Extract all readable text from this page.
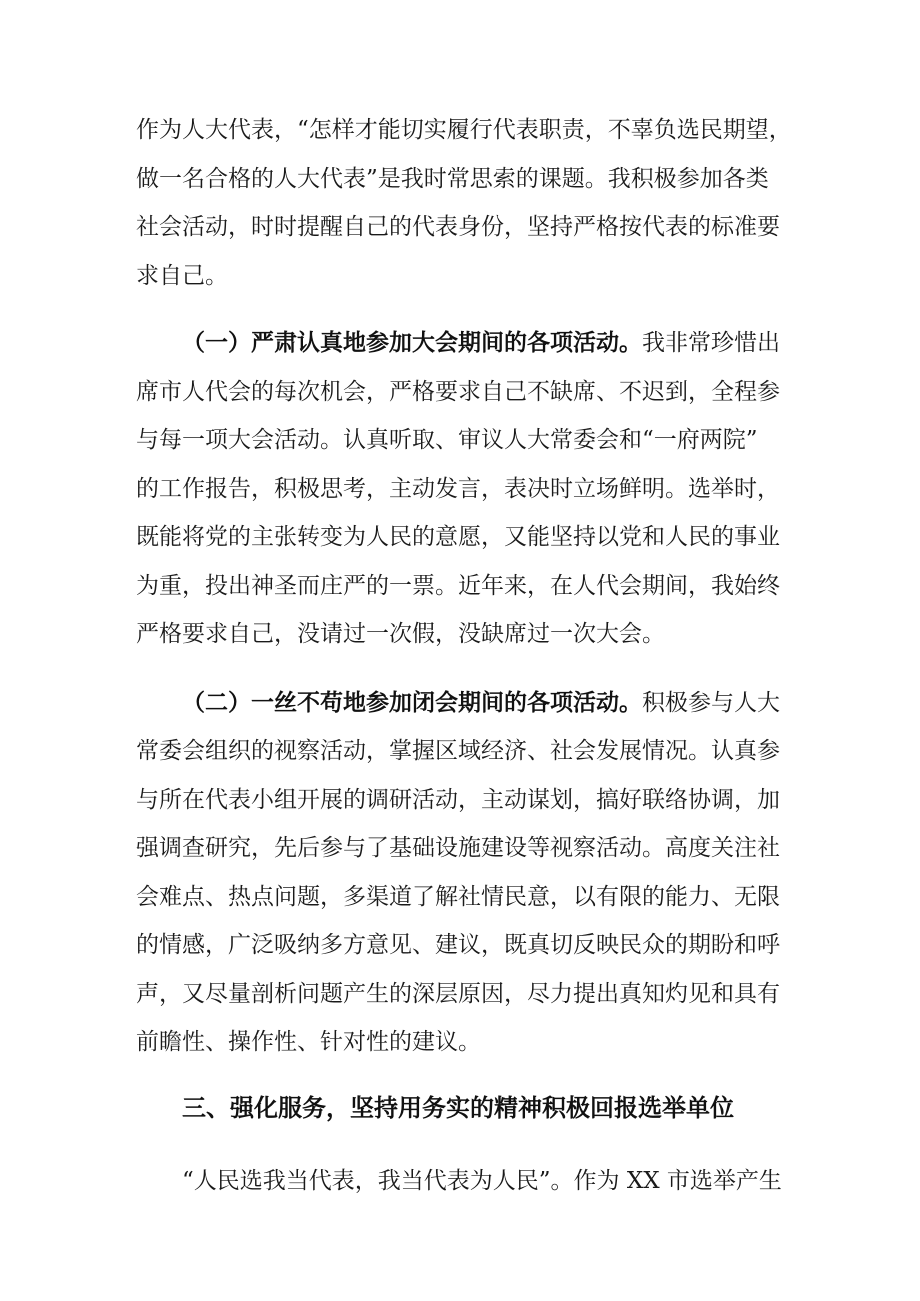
作为人大代表，“怎样才能切实履行代表职责，不辜负选民期望，
做一名合格的人大代表”是我时常思索的课题。我积极参加各类
社会活动，时时提醒自己的代表身份，坚持严格按代表的标准要
求自己。
（一）严肃认真地参加大会期间的各项活动。我非常珍惜出
席市人代会的每次机会，严格要求自己不缺席、不迟到，全程参
与每一项大会活动。认真听取、审议人大常委会和“一府两院”
的工作报告，积极思考，主动发言，表决时立场鲜明。选举时，
既能将党的主张转变为人民的意愿，又能坚持以党和人民的事业
为重，投出神圣而庄严的一票。近年来，在人代会期间，我始终
严格要求自己，没请过一次假，没缺席过一次大会。
（二）一丝不苟地参加闭会期间的各项活动。积极参与人大
常委会组织的视察活动，掌握区域经济、社会发展情况。认真参
与所在代表小组开展的调研活动，主动谋划，搞好联络协调，加
强调查研究，先后参与了基础设施建设等视察活动。高度关注社
会难点、热点问题，多渠道了解社情民意，以有限的能力、无限
的情感，广泛吸纳多方意见、建议，既真切反映民众的期盼和呼
声，又尽量剖析问题产生的深层原因，尽力提出真知灼见和具有
前瞻性、操作性、针对性的建议。
三、强化服务，坚持用务实的精神积极回报选举单位
“人民选我当代表，我当代表为人民”。作为 XX 市选举产生
